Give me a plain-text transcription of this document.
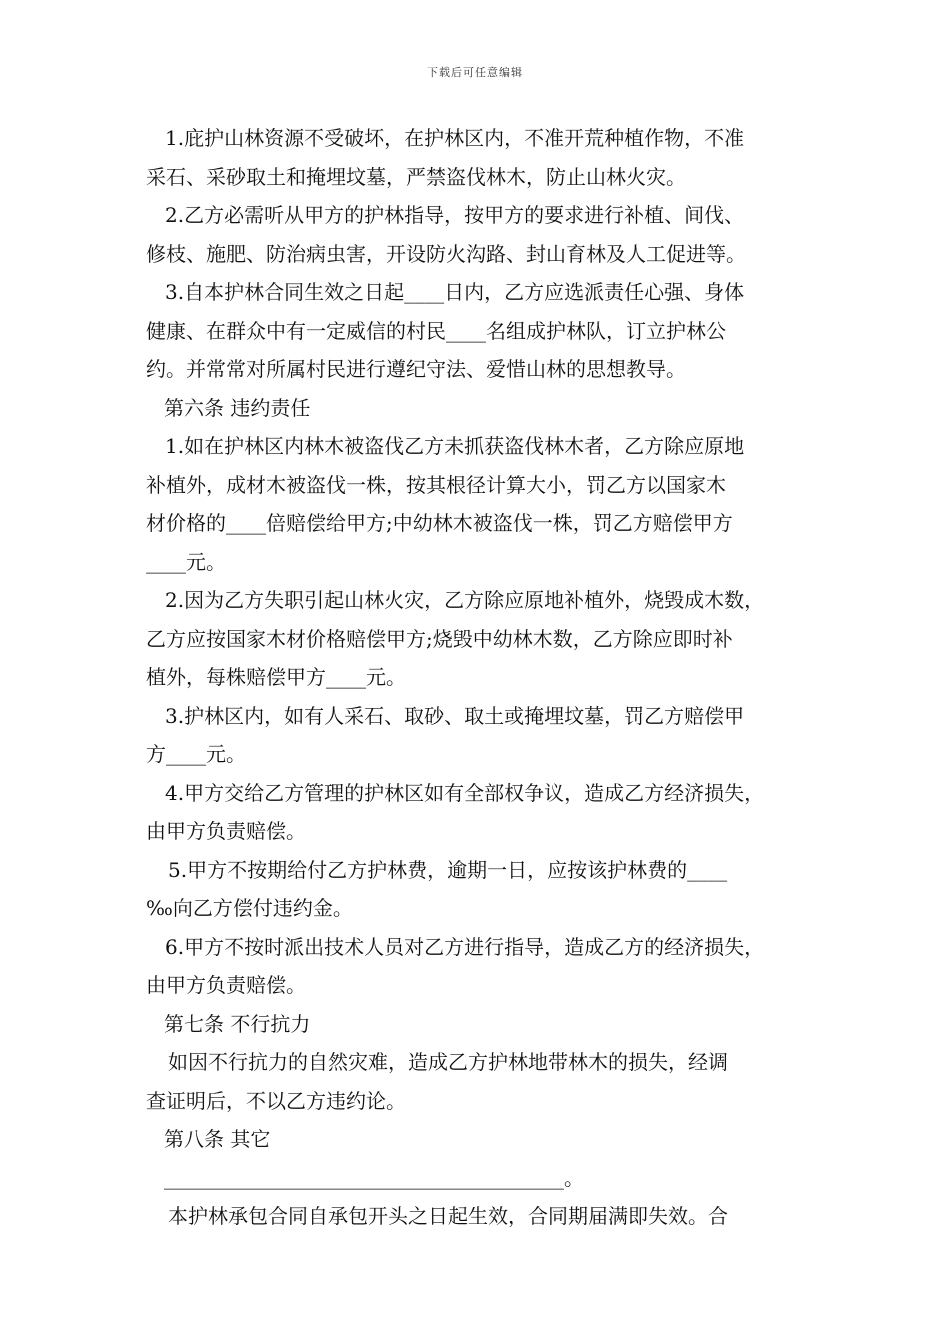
下载后可任意编辑
1.庇护山林资源不受破坏，在护林区内，不准开荒种植作物，不准
采石、采砂取土和掩埋坟墓，严禁盗伐林木，防止山林火灾。
2.乙方必需听从甲方的护林指导，按甲方的要求进行补植、间伐、
修枝、施肥、防治病虫害，开设防火沟路、封山育林及人工促进等。
3.自本护林合同生效之日起____日内，乙方应选派责任心强、身体
健康、在群众中有一定威信的村民____名组成护林队，订立护林公
约。并常常对所属村民进行遵纪守法、爱惜山林的思想教导。
第六条 违约责任
1.如在护林区内林木被盗伐乙方未抓获盗伐林木者，乙方除应原地
补植外，成材木被盗伐一株，按其根径计算大小，罚乙方以国家木
材价格的____倍赔偿给甲方;中幼林木被盗伐一株，罚乙方赔偿甲方
____元。
2.因为乙方失职引起山林火灾，乙方除应原地补植外，烧毁成木数，
乙方应按国家木材价格赔偿甲方;烧毁中幼林木数，乙方除应即时补
植外，每株赔偿甲方____元。
3.护林区内，如有人采石、取砂、取土或掩埋坟墓，罚乙方赔偿甲
方____元。
4.甲方交给乙方管理的护林区如有全部权争议，造成乙方经济损失，
由甲方负责赔偿。
5.甲方不按期给付乙方护林费，逾期一日，应按该护林费的____
‰向乙方偿付违约金。
6.甲方不按时派出技术人员对乙方进行指导，造成乙方的经济损失，
由甲方负责赔偿。
第七条 不行抗力
如因不行抗力的自然灾难，造成乙方护林地带林木的损失，经调
查证明后，不以乙方违约论。
第八条 其它
________________________________________。
本护林承包合同自承包开头之日起生效，合同期届满即失效。合
